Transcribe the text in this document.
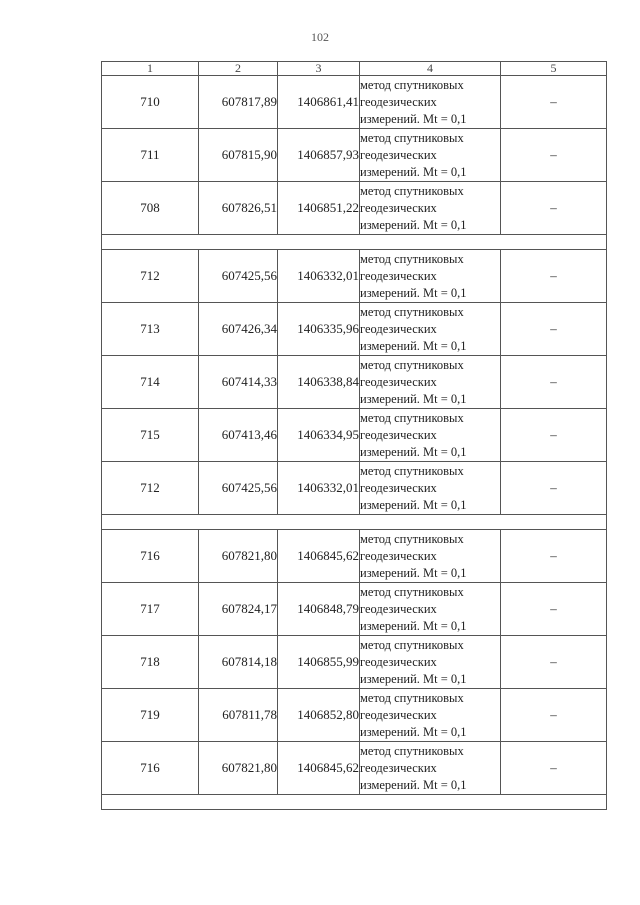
102
1	2	3	4	5
710	607817,89	1406861,41	метод спутниковых
геодезических
измерений. Mt = 0,1	–
711	607815,90	1406857,93	метод спутниковых
геодезических
измерений. Mt = 0,1	–
708	607826,51	1406851,22	метод спутниковых
геодезических
измерений. Mt = 0,1	–

712	607425,56	1406332,01	метод спутниковых
геодезических
измерений. Mt = 0,1	–
713	607426,34	1406335,96	метод спутниковых
геодезических
измерений. Mt = 0,1	–
714	607414,33	1406338,84	метод спутниковых
геодезических
измерений. Mt = 0,1	–
715	607413,46	1406334,95	метод спутниковых
геодезических
измерений. Mt = 0,1	–
712	607425,56	1406332,01	метод спутниковых
геодезических
измерений. Mt = 0,1	–

716	607821,80	1406845,62	метод спутниковых
геодезических
измерений. Mt = 0,1	–
717	607824,17	1406848,79	метод спутниковых
геодезических
измерений. Mt = 0,1	–
718	607814,18	1406855,99	метод спутниковых
геодезических
измерений. Mt = 0,1	–
719	607811,78	1406852,80	метод спутниковых
геодезических
измерений. Mt = 0,1	–
716	607821,80	1406845,62	метод спутниковых
геодезических
измерений. Mt = 0,1	–
